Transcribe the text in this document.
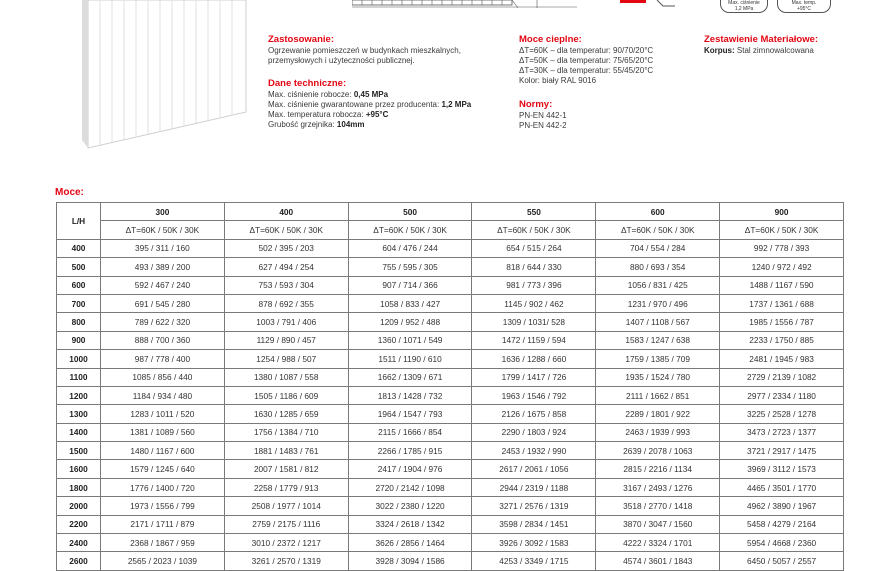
Max. ciśnienie
1,2 MPa
Max. temp.
+95°C
Zastosowanie:
Ogrzewanie pomieszczeń w budynkach mieszkalnych,
przemysłowych i użyteczności publicznej.
Dane techniczne:
Max. ciśnienie robocze: 0,45 MPa
Max. ciśnienie gwarantowane przez producenta: 1,2 MPa
Max. temperatura robocza: +95°C
Grubość grzejnika: 104mm
Moce cieplne:
ΔT=60K – dla temperatur: 90/70/20°C
ΔT=50K – dla temperatur: 75/65/20°C
ΔT=30K – dla temperatur: 55/45/20°C
Kolor: biały RAL 9016
Normy:
PN-EN 442-1
PN-EN 442-2
Zestawienie Materiałowe:
Korpus: Stal zimnowalcowana
Moce:
L/H	300	400	500	550	600	900
	ΔT=60K / 50K / 30K	ΔT=60K / 50K / 30K	ΔT=60K / 50K / 30K	ΔT=60K / 50K / 30K	ΔT=60K / 50K / 30K	ΔT=60K / 50K / 30K
400	395 / 311 / 160	502 / 395 / 203	604 / 476 / 244	654 / 515 / 264	704 / 554 / 284	992 / 778 / 393
500	493 / 389 / 200	627 / 494 / 254	755 / 595 / 305	818 / 644 / 330	880 / 693 / 354	1240 / 972 / 492
600	592 / 467 / 240	753 / 593 / 304	907 / 714 / 366	981 / 773 / 396	1056 / 831 / 425	1488 / 1167 / 590
700	691 / 545 / 280	878 / 692 / 355	1058 / 833 / 427	1145 / 902 / 462	1231 / 970 / 496	1737 / 1361 / 688
800	789 / 622 / 320	1003 / 791 / 406	1209 / 952 / 488	1309 / 1031/ 528	1407 / 1108 / 567	1985 / 1556 / 787
900	888 / 700 / 360	1129 / 890 / 457	1360 / 1071 / 549	1472 / 1159 / 594	1583 / 1247 / 638	2233 / 1750 / 885
1000	987 / 778 / 400	1254 / 988 / 507	1511 / 1190 / 610	1636 / 1288 / 660	1759 / 1385 / 709	2481 / 1945 / 983
1100	1085 / 856 / 440	1380 / 1087 / 558	1662 / 1309 / 671	1799 / 1417 / 726	1935 / 1524 / 780	2729 / 2139 / 1082
1200	1184 / 934 / 480	1505 / 1186 / 609	1813 / 1428 / 732	1963 / 1546 / 792	2111 / 1662 / 851	2977 / 2334 / 1180
1300	1283 / 1011 / 520	1630 / 1285 / 659	1964 / 1547 / 793	2126 / 1675 / 858	2289 / 1801 / 922	3225 / 2528 / 1278
1400	1381 / 1089 / 560	1756 / 1384 / 710	2115 / 1666 / 854	2290 / 1803 / 924	2463 / 1939 / 993	3473 / 2723 / 1377
1500	1480 / 1167 / 600	1881 / 1483 / 761	2266 / 1785 / 915	2453 / 1932 / 990	2639 / 2078 / 1063	3721 / 2917 / 1475
1600	1579 / 1245 / 640	2007 / 1581 / 812	2417 / 1904 / 976	2617 / 2061 / 1056	2815 / 2216 / 1134	3969 / 3112 / 1573
1800	1776 / 1400 / 720	2258 / 1779 / 913	2720 / 2142 / 1098	2944 / 2319 / 1188	3167 / 2493 / 1276	4465 / 3501 / 1770
2000	1973 / 1556 / 799	2508 / 1977 / 1014	3022 / 2380 / 1220	3271 / 2576 / 1319	3518 / 2770 / 1418	4962 / 3890 / 1967
2200	2171 / 1711 / 879	2759 / 2175 / 1116	3324 / 2618 / 1342	3598 / 2834 / 1451	3870 / 3047 / 1560	5458 / 4279 / 2164
2400	2368 / 1867 / 959	3010 / 2372 / 1217	3626 / 2856 / 1464	3926 / 3092 / 1583	4222 / 3324 / 1701	5954 / 4668 / 2360
2600	2565 / 2023 / 1039	3261 / 2570 / 1319	3928 / 3094 / 1586	4253 / 3349 / 1715	4574 / 3601 / 1843	6450 / 5057 / 2557
